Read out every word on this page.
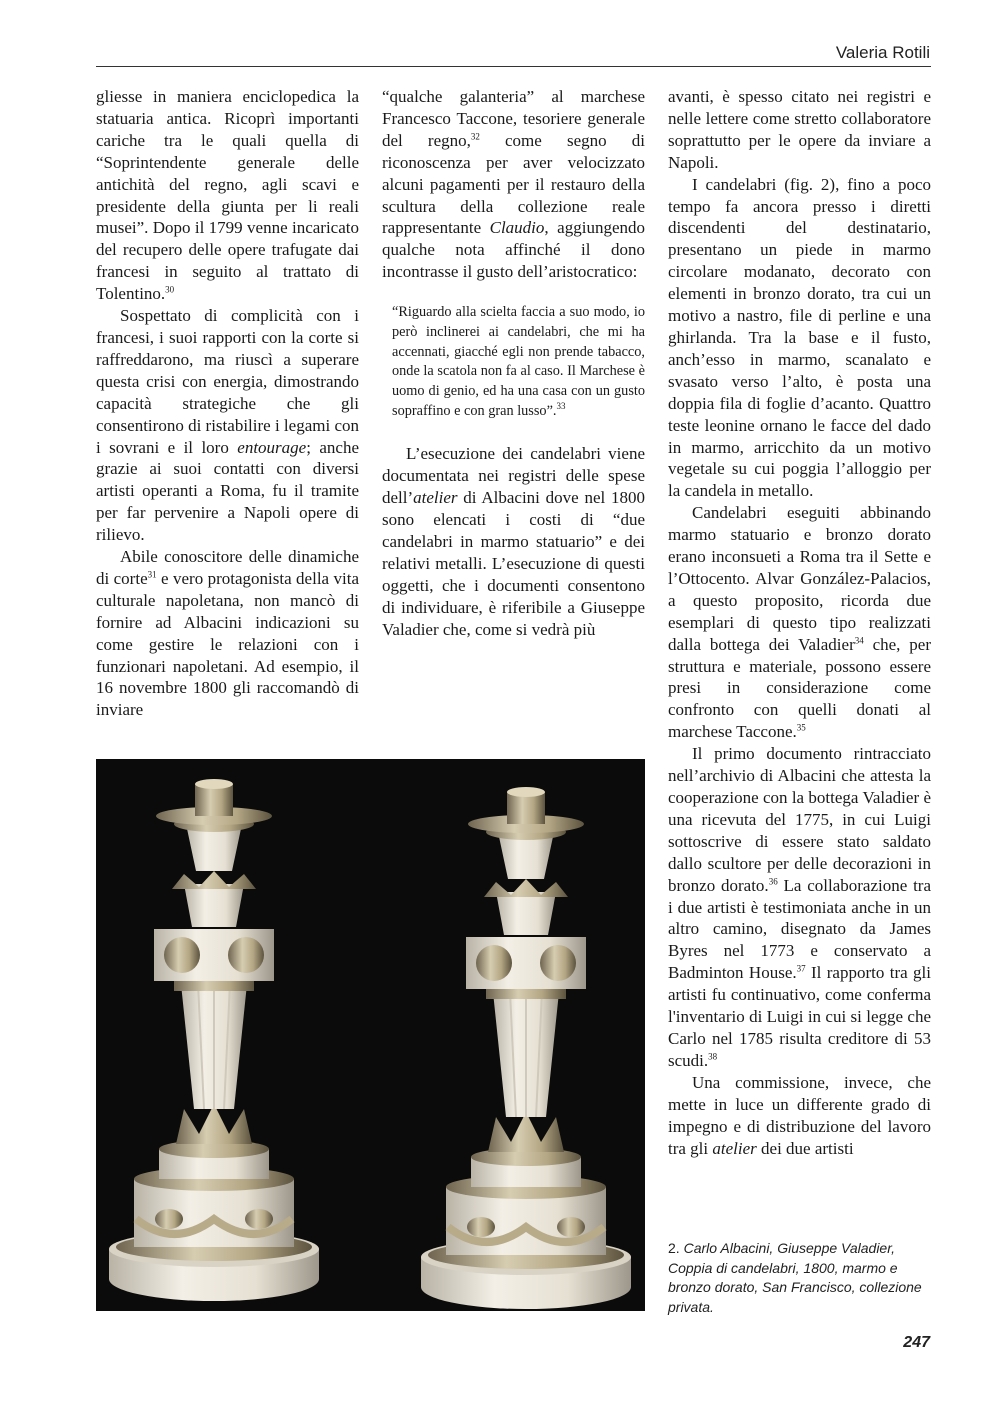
Valeria Rotili

gliesse in maniera enciclopedica la statuaria antica. Ricoprì importanti cariche tra le quali quella di “Soprintendente generale delle antichità del regno, agli scavi e presidente della giunta per li reali musei”. Dopo il 1799 venne incaricato del recupero delle opere trafugate dai francesi in seguito al trattato di Tolentino.$^{30}$

Sospettato di complicità con i francesi, i suoi rapporti con la corte si raffreddarono, ma riuscì a superare questa crisi con energia, dimostrando capacità strategiche che gli consentirono di ristabilire i legami con i sovrani e il loro entourage; anche grazie ai suoi contatti con diversi artisti operanti a Roma, fu il tramite per far pervenire a Napoli opere di rilievo.

Abile conoscitore delle dinamiche di corte$^{31}$ e vero protagonista della vita culturale napoletana, non mancò di fornire ad Albacini indicazioni su come gestire le relazioni con i funzionari napoletani. Ad esempio, il 16 novembre 1800 gli raccomandò di inviare

“qualche galanteria” al marchese Francesco Taccone, tesoriere generale del regno,$^{32}$ come segno di riconoscenza per aver velocizzato alcuni pagamenti per il restauro della scultura della collezione reale rappresentante Claudio, aggiungendo qualche nota affinché il dono incontrasse il gusto dell’aristocratico:

“Riguardo alla scielta faccia a suo modo, io però inclinerei ai candelabri, che mi ha accennati, giacché egli non prende tabacco, onde la scatola non fa al caso. Il Marchese è uomo di genio, ed ha una casa con un gusto sopraffino e con gran lusso”.$^{33}$

L’esecuzione dei candelabri viene documentata nei registri delle spese dell’atelier di Albacini dove nel 1800 sono elencati i costi di “due candelabri in marmo statuario” e dei relativi metalli. L’esecuzione di questi oggetti, che i documenti consentono di individuare, è riferibile a Giuseppe Valadier che, come si vedrà più

avanti, è spesso citato nei registri e nelle lettere come stretto collaboratore soprattutto per le opere da inviare a Napoli.

I candelabri (fig. 2), fino a poco tempo fa ancora presso i diretti discendenti del destinatario, presentano un piede in marmo circolare modanato, decorato con elementi in bronzo dorato, tra cui un motivo a nastro, file di perline e una ghirlanda. Tra la base e il fusto, anch’esso in marmo, scanalato e svasato verso l’alto, è posta una doppia fila di foglie d’acanto. Quattro teste leonine ornano le facce del dado in marmo, arricchito da un motivo vegetale su cui poggia l’alloggio per la candela in metallo.

Candelabri eseguiti abbinando marmo statuario e bronzo dorato erano inconsueti a Roma tra il Sette e l’Ottocento. Alvar González-Palacios, a questo proposito, ricorda due esemplari di questo tipo realizzati dalla bottega dei Valadier$^{34}$ che, per struttura e materiale, possono essere presi in considerazione come confronto con quelli donati al marchese Taccone.$^{35}$

Il primo documento rintracciato nell’archivio di Albacini che attesta la cooperazione con la bottega Valadier è una ricevuta del 1775, in cui Luigi sottoscrive di essere stato saldato dallo scultore per delle decorazioni in bronzo dorato.$^{36}$ La collaborazione tra i due artisti è testimoniata anche in un altro camino, disegnato da James Byres nel 1773 e conservato a Badminton House.$^{37}$ Il rapporto tra gli artisti fu continuativo, come conferma l'inventario di Luigi in cui si legge che Carlo nel 1785 risulta creditore di 53 scudi.$^{38}$

Una commissione, invece, che mette in luce un differente grado di impegno e di distribuzione del lavoro tra gli atelier dei due artisti

2. Carlo Albacini, Giuseppe Valadier, Coppia di candelabri, 1800, marmo e bronzo dorato, San Francisco, collezione privata.
247
